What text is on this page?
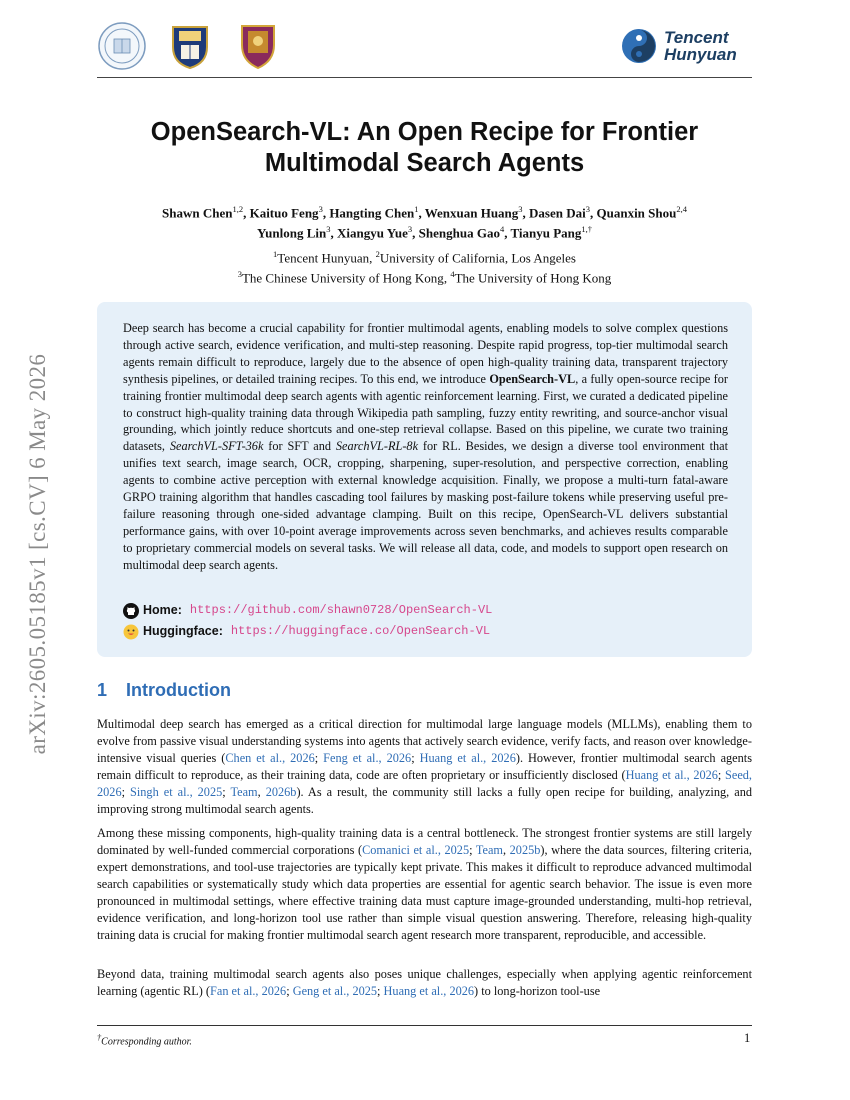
Tencent
Hunyuan
arXiv:2605.05185v1 [cs.CV] 6 May 2026
OpenSearch-VL: An Open Recipe for Frontier
Multimodal Search Agents
Shawn Chen$^{1,2}$, Kaituo Feng$^3$, Hangting Chen$^1$, Wenxuan Huang$^3$, Dasen Dai$^3$, Quanxin Shou$^{2,4}$
Yunlong Lin$^3$, Xiangyu Yue$^3$, Shenghua Gao$^4$, Tianyu Pang$^{1,\dagger}$
$^1$Tencent Hunyuan, $^2$University of California, Los Angeles
$^3$The Chinese University of Hong Kong, $^4$The University of Hong Kong
Deep search has become a crucial capability for frontier multimodal agents, enabling models to solve complex questions through active search, evidence verification, and multi-step reasoning. Despite rapid progress, top-tier multimodal search agents remain difficult to reproduce, largely due to the absence of open high-quality training data, transparent trajectory synthesis pipelines, or detailed training recipes. To this end, we introduce OpenSearch-VL, a fully open-source recipe for training frontier multimodal deep search agents with agentic reinforcement learning. First, we curated a dedicated pipeline to construct high-quality training data through Wikipedia path sampling, fuzzy entity rewriting, and source-anchor visual grounding, which jointly reduce shortcuts and one-step retrieval collapse. Based on this pipeline, we curate two training datasets, SearchVL-SFT-36k for SFT and SearchVL-RL-8k for RL. Besides, we design a diverse tool environment that unifies text search, image search, OCR, cropping, sharpening, super-resolution, and perspective correction, enabling agents to combine active perception with external knowledge acquisition. Finally, we propose a multi-turn fatal-aware GRPO training algorithm that handles cascading tool failures by masking post-failure tokens while preserving useful pre-failure reasoning through one-sided advantage clamping. Built on this recipe, OpenSearch-VL delivers substantial performance gains, with over 10-point average improvements across seven benchmarks, and achieves results comparable to proprietary commercial models on several tasks. We will release all data, code, and models to support open research on multimodal deep search agents.
Home: https://github.com/shawn0728/OpenSearch-VL
Huggingface: https://huggingface.co/OpenSearch-VL
1 Introduction

Multimodal deep search has emerged as a critical direction for multimodal large language models (MLLMs), enabling them to evolve from passive visual understanding systems into agents that actively search evidence, verify facts, and reason over knowledge-intensive visual queries (Chen et al., 2026; Feng et al., 2026; Huang et al., 2026). However, frontier multimodal search agents remain difficult to reproduce, as their training data, code are often proprietary or insufficiently disclosed (Huang et al., 2026; Seed, 2026; Singh et al., 2025; Team, 2026b). As a result, the community still lacks a fully open recipe for building, analyzing, and improving strong multimodal search agents.

Among these missing components, high-quality training data is a central bottleneck. The strongest frontier systems are still largely dominated by well-funded commercial corporations (Comanici et al., 2025; Team, 2025b), where the data sources, filtering criteria, expert demonstrations, and tool-use trajectories are typically kept private. This makes it difficult to reproduce advanced multimodal search capabilities or systematically study which data properties are essential for agentic search behavior. The issue is even more pronounced in multimodal settings, where effective training data must capture image-grounded understanding, multi-hop retrieval, evidence verification, and long-horizon tool use rather than simple visual question answering. Therefore, releasing high-quality training data is crucial for making frontier multimodal search agent research more transparent, reproducible, and accessible.

Beyond data, training multimodal search agents also poses unique challenges, especially when applying agentic reinforcement learning (agentic RL) (Fan et al., 2026; Geng et al., 2025; Huang et al., 2026) to long-horizon tool-use

†Corresponding author.	1
